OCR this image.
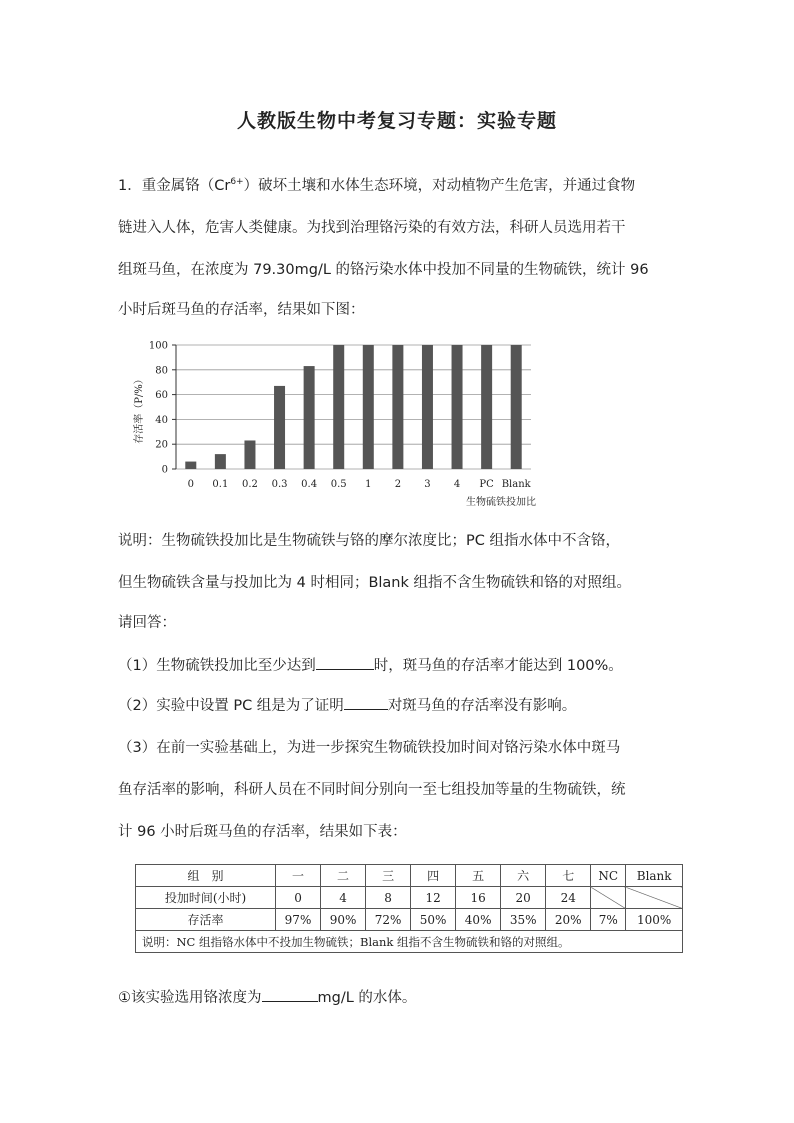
人教版生物中考复习专题：实验专题
1．重金属铬$(Cr^{6+})$破坏土壤和水体生态环境，对动植物产生危害，并通过食物
链进入人体，危害人类健康。为找到治理铬污染的有效方法，科研人员选用若干
组斑马鱼，在浓度为 79.30mg/L 的铬污染水体中投加不同量的生物硫铁，统计 96
小时后斑马鱼的存活率，结果如下图：
0
20
40
60
80
100
0 0.1 0.2 0.3 0.4 0.5 1 2 3 4 PC Blank
存活率（P/%）
生物硫铁投加比
说明：生物硫铁投加比是生物硫铁与铬的摩尔浓度比；PC 组指水体中不含铬，
但生物硫铁含量与投加比为 4 时相同；Blank 组指不含生物硫铁和铬的对照组。
请回答：
（1）生物硫铁投加比至少达到	时，斑马鱼的存活率才能达到 100%。
（2）实验中设置 PC 组是为了证明	对斑马鱼的存活率没有影响。
（3）在前一实验基础上，为进一步探究生物硫铁投加时间对铬污染水体中斑马
鱼存活率的影响，科研人员在不同时间分别向一至七组投加等量的生物硫铁，统
计 96 小时后斑马鱼的存活率，结果如下表：
组　别	一	二	三	四	五	六	七	NC	Blank
投加时间(小时)	0	4	8	12	16	20	24		
存活率	97%	90%	72%	50%	40%	35%	20%	7%	100%
说明：NC 组指铬水体中不投加生物硫铁；Blank 组指不含生物硫铁和铬的对照组。									
①该实验选用铬浓度为	mg/L 的水体。
